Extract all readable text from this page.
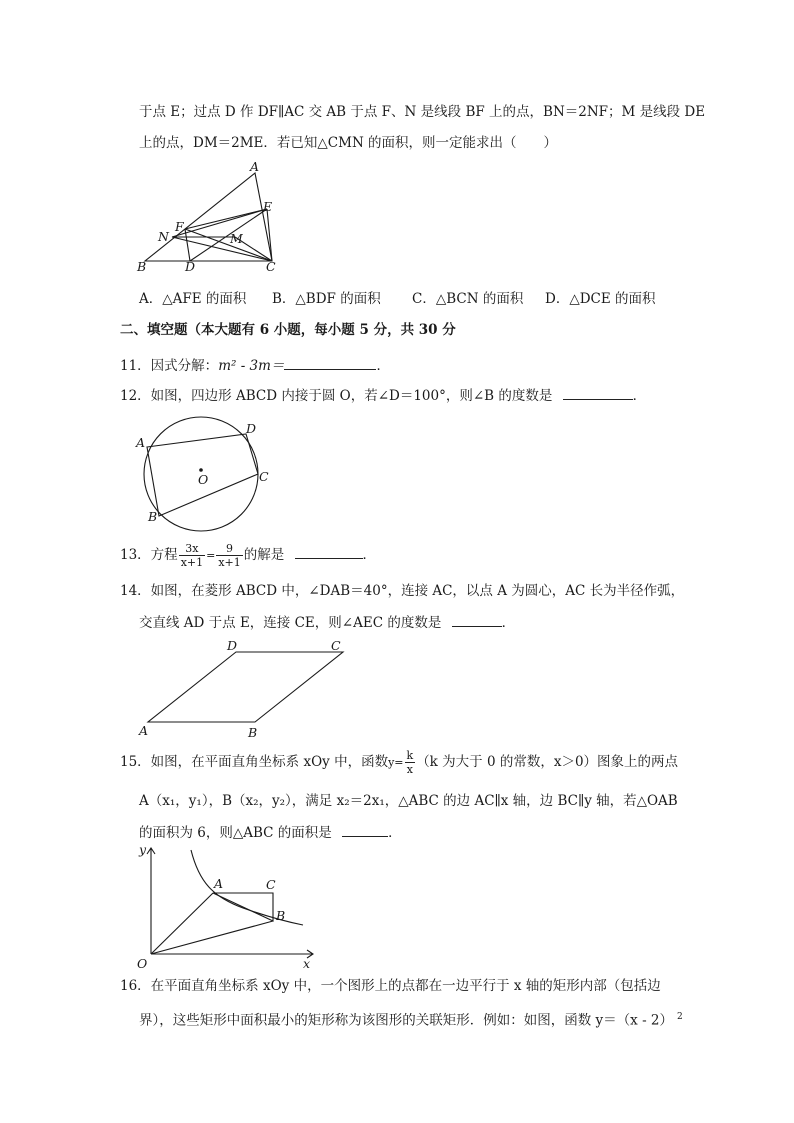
于点 E；过点 D 作 DF∥AC 交 AB 于点 F、N 是线段 BF 上的点，BN＝2NF；M 是线段 DE
上的点，DM＝2ME．若已知△CMN 的面积，则一定能求出（　　）
A
E
F
N	M
B	D	C
A．△AFE 的面积 B．△BDF 的面积 C．△BCN 的面积 D．△DCE 的面积
二、填空题（本大题有 6 小题，每小题 5 分，共 30 分
11．因式分解：m² - 3m＝	．
12．如图，四边形 ABCD 内接于圆 O，若∠D＝100°，则∠B 的度数是	．
A
D
O	C
B
13．方程 $\frac{3x}{x+1} = \frac{9}{x+1}$ 的解是	．
14．如图，在菱形 ABCD 中，∠DAB＝40°，连接 AC，以点 A 为圆心，AC 长为半径作弧，
交直线 AD 于点 E，连接 CE，则∠AEC 的度数是	．
D	C
A	B
15．如图，在平面直角坐标系 xOy 中，函数$y= \frac{k}{x} (k$ 为大于 0 的常数，x＞0）图象上的两点
A（x₁，y₁），B（x₂，y₂），满足 x₂＝2x₁，△ABC 的边 AC∥x 轴，边 BC∥y 轴，若△OAB
的面积为 6，则△ABC 的面积是	．
y
A	C
B
O	x
16．在平面直角坐标系 xOy 中，一个图形上的点都在一边平行于 x 轴的矩形内部（包括边
界），这些矩形中面积最小的矩形称为该图形的关联矩形．例如：如图，函数 y＝（x - 2） $^2$
